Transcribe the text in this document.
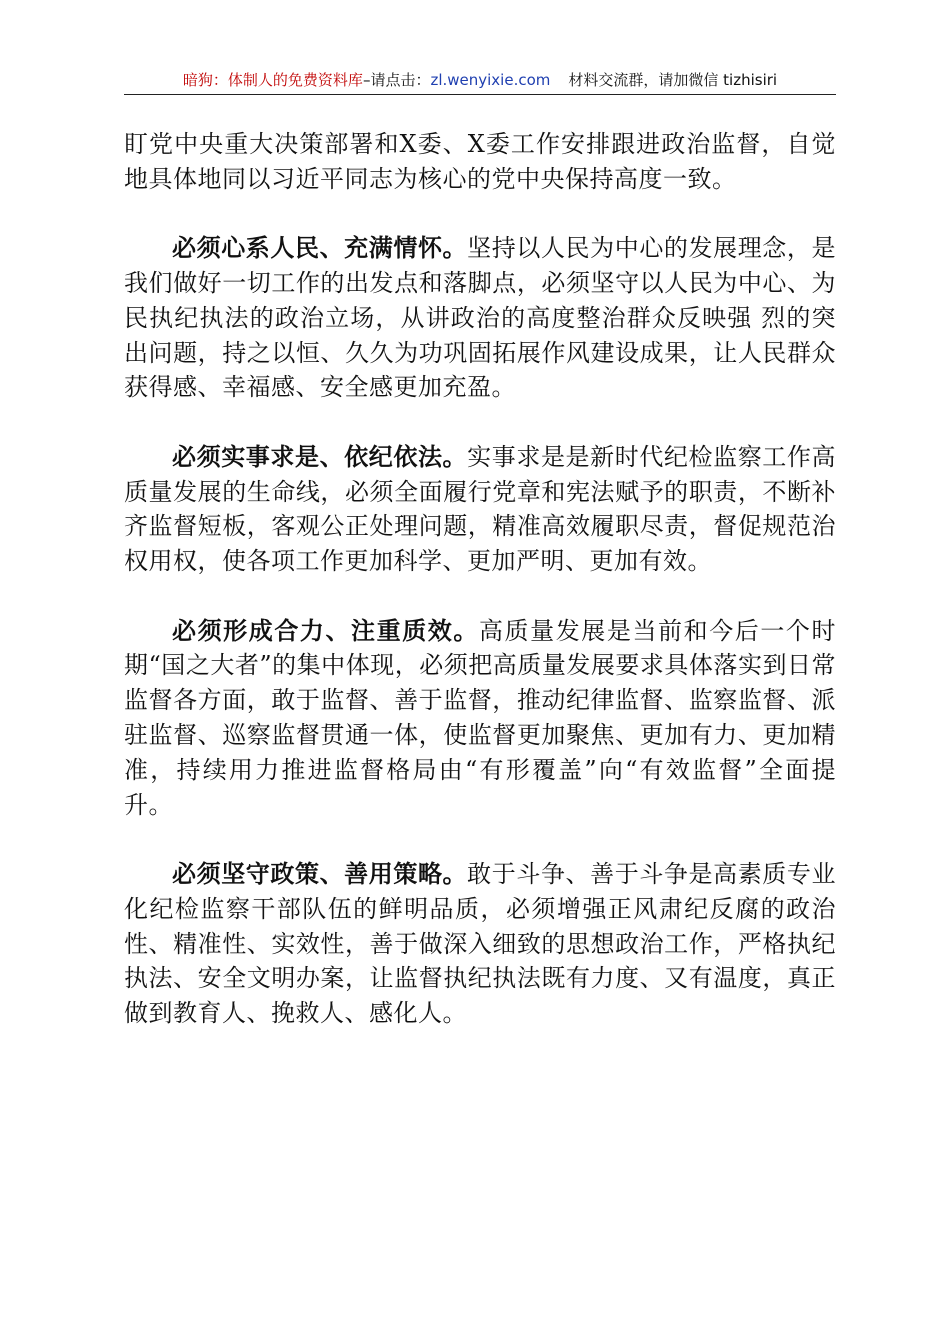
暗狗：体制人的免费资料库–请点击：zl.wenyixie.com 材料交流群，请加微信 tizhisiri

盯党中央重大决策部署和X委、X委工作安排跟进政治监督，自觉地具体地同以习近平同志为核心的党中央保持高度一致。

必须心系人民、充满情怀。坚持以人民为中心的发展理念，是我们做好一切工作的出发点和落脚点，必须坚守以人民为中心、为民执纪执法的政治立场，从讲政治的高度整治群众反映强 烈的突出问题，持之以恒、久久为功巩固拓展作风建设成果，让人民群众获得感、幸福感、安全感更加充盈。

必须实事求是、依纪依法。实事求是是新时代纪检监察工作高质量发展的生命线，必须全面履行党章和宪法赋予的职责，不断补齐监督短板，客观公正处理问题，精准高效履职尽责，督促规范治权用权，使各项工作更加科学、更加严明、更加有效。

必须形成合力、注重质效。高质量发展是当前和今后一个时期“国之大者”的集中体现，必须把高质量发展要求具体落实到日常监督各方面，敢于监督、善于监督，推动纪律监督、监察监督、派驻监督、巡察监督贯通一体，使监督更加聚焦、更加有力、更加精准，持续用力推进监督格局由“有形覆盖”向“有效监督”全面提升。

必须坚守政策、善用策略。敢于斗争、善于斗争是高素质专业化纪检监察干部队伍的鲜明品质，必须增强正风肃纪反腐的政治性、精准性、实效性，善于做深入细致的思想政治工作，严格执纪执法、安全文明办案，让监督执纪执法既有力度、又有温度，真正做到教育人、挽救人、感化人。
